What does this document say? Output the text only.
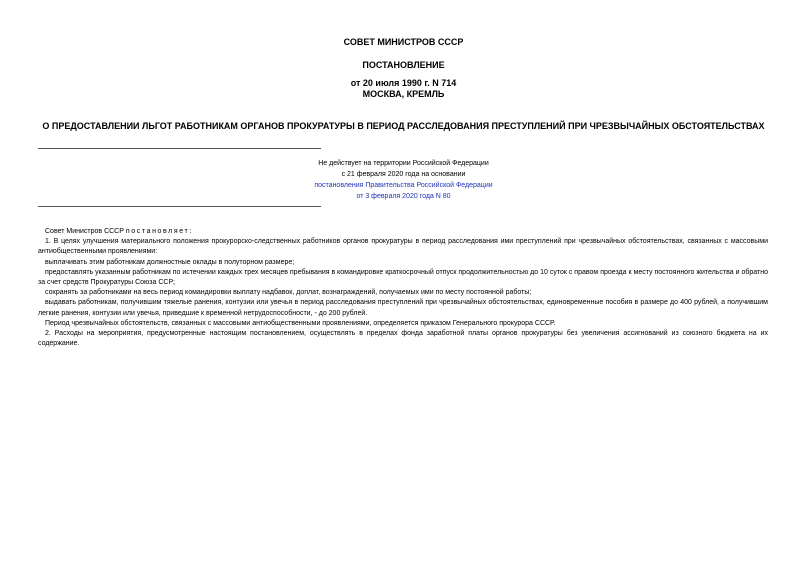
СОВЕТ МИНИСТРОВ СССР
ПОСТАНОВЛЕНИЕ
от 20 июля 1990 г. N 714
МОСКВА, КРЕМЛЬ
О ПРЕДОСТАВЛЕНИИ ЛЬГОТ РАБОТНИКАМ ОРГАНОВ ПРОКУРАТУРЫ В ПЕРИОД РАССЛЕДОВАНИЯ ПРЕСТУПЛЕНИЙ ПРИ ЧРЕЗВЫЧАЙНЫХ ОБСТОЯТЕЛЬСТВАХ
Не действует на территории Российской Федерации
с 21 февраля 2020 года на основании
постановления Правительства Российской Федерации
от 3 февраля 2020 года N 80

Совет Министров СССР постановляет:

1. В целях улучшения материального положения прокурорско-следственных работников органов прокуратуры в период расследования ими преступлений при чрезвычайных обстоятельствах, связанных с массовыми антиобщественными проявлениями:

выплачивать этим работникам должностные оклады в полуторном размере;

предоставлять указанным работникам по истечении каждых трех месяцев пребывания в командировке краткосрочный отпуск продолжительностью до 10 суток с правом проезда к месту постоянного жительства и обратно за счет средств Прокуратуры Союза ССР;

сохранять за работниками на весь период командировки выплату надбавок, доплат, вознаграждений, получаемых ими по месту постоянной работы;

выдавать работникам, получившим тяжелые ранения, контузии или увечья в период расследования преступлений при чрезвычайных обстоятельствах, единовременные пособия в размере до 400 рублей, а получившим легкие ранения, контузии или увечья, приведшие к временной нетрудоспособности, - до 200 рублей.

Период чрезвычайных обстоятельств, связанных с массовыми антиобщественными проявлениями, определяется приказом Генерального прокурора СССР.

2. Расходы на мероприятия, предусмотренные настоящим постановлением, осуществлять в пределах фонда заработной платы органов прокуратуры без увеличения ассигнований из союзного бюджета на их содержание.
